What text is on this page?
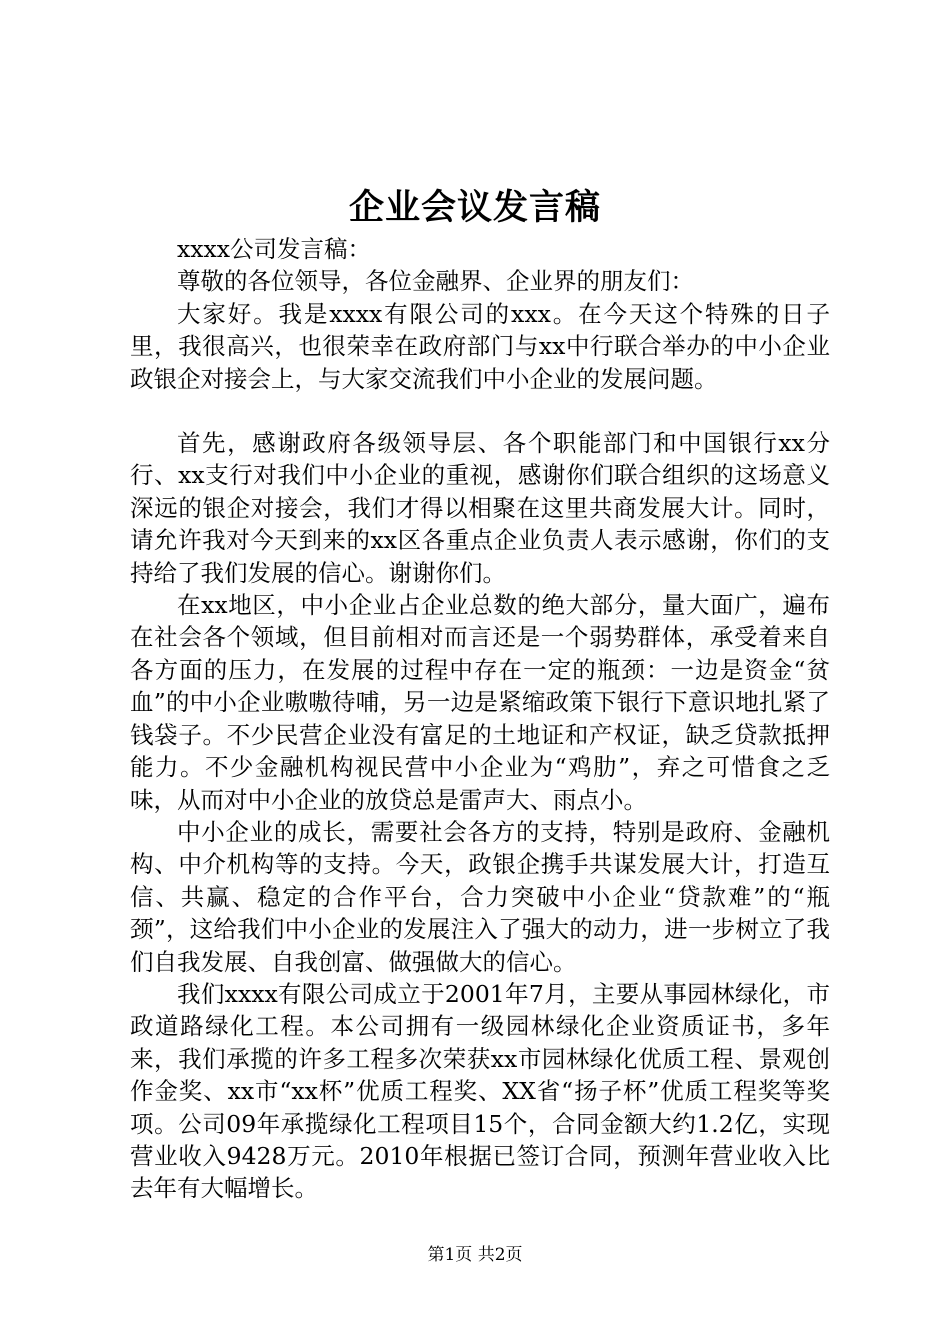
企业会议发言稿

xxxx公司发言稿：

尊敬的各位领导，各位金融界、企业界的朋友们：

大家好。我是xxxx有限公司的xxx。在今天这个特殊的日子里，我很高兴，也很荣幸在政府部门与xx中行联合举办的中小企业政银企对接会上，与大家交流我们中小企业的发展问题。

首先，感谢政府各级领导层、各个职能部门和中国银行xx分行、xx支行对我们中小企业的重视，感谢你们联合组织的这场意义深远的银企对接会，我们才得以相聚在这里共商发展大计。同时，请允许我对今天到来的xx区各重点企业负责人表示感谢，你们的支持给了我们发展的信心。谢谢你们。

在xx地区，中小企业占企业总数的绝大部分，量大面广，遍布在社会各个领域，但目前相对而言还是一个弱势群体，承受着来自各方面的压力，在发展的过程中存在一定的瓶颈：一边是资金“贫血”的中小企业嗷嗷待哺，另一边是紧缩政策下银行下意识地扎紧了钱袋子。不少民营企业没有富足的土地证和产权证，缺乏贷款抵押能力。不少金融机构视民营中小企业为“鸡肋”，弃之可惜食之乏味，从而对中小企业的放贷总是雷声大、雨点小。

中小企业的成长，需要社会各方的支持，特别是政府、金融机构、中介机构等的支持。今天，政银企携手共谋发展大计，打造互信、共赢、稳定的合作平台，合力突破中小企业“贷款难”的“瓶颈”，这给我们中小企业的发展注入了强大的动力，进一步树立了我们自我发展、自我创富、做强做大的信心。

我们xxxx有限公司成立于2001年7月，主要从事园林绿化，市政道路绿化工程。本公司拥有一级园林绿化企业资质证书，多年来，我们承揽的许多工程多次荣获xx市园林绿化优质工程、景观创作金奖、xx市“xx杯”优质工程奖、XX省“扬子杯”优质工程奖等奖项。公司09年承揽绿化工程项目15个，合同金额大约1.2亿，实现营业收入9428万元。2010年根据已签订合同，预测年营业收入比去年有大幅增长。

第1页 共2页
